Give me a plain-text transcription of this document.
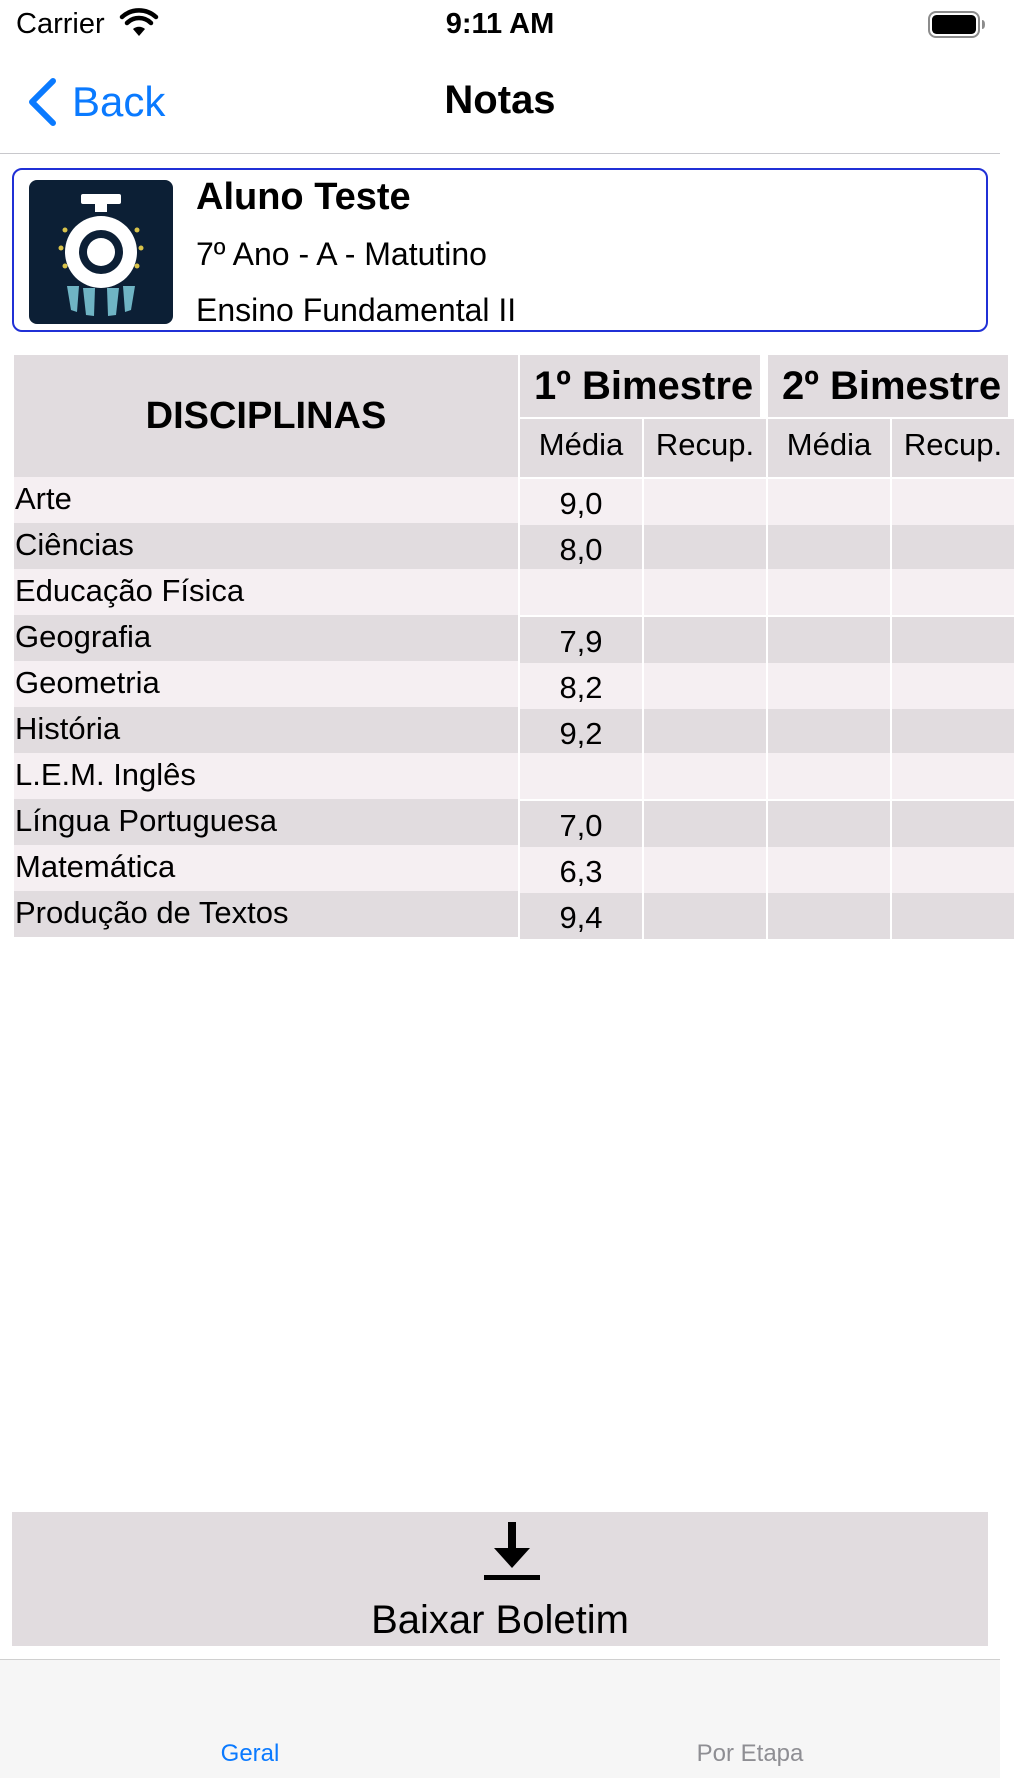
Carrier	9:11 AM
Back	Notas
Aluno Teste
7º Ano - A - Matutino
Ensino Fundamental II
DISCIPLINAS
1º Bimestre 2º Bimestre
Média	Recup.	Média	Recup.
Arte	9,0
Ciências	8,0
Educação Física
Geografia	7,9
Geometria	8,2
História	9,2
L.E.M. Inglês
Língua Portuguesa	7,0
Matemática	6,3
Produção de Textos	9,4
Baixar Boletim
Geral	Por Etapa
